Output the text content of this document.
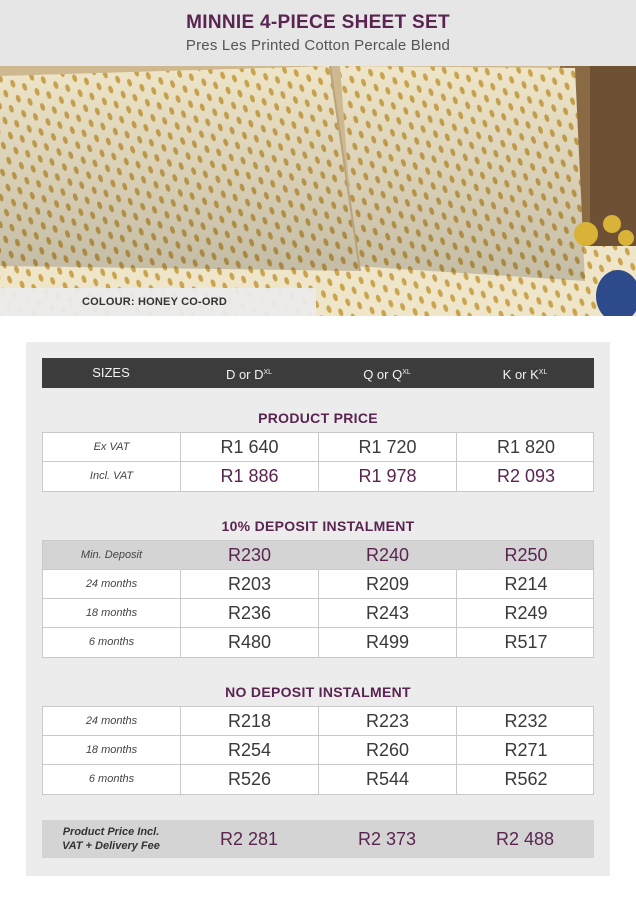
MINNIE 4-PIECE SHEET SET
Pres Les Printed Cotton Percale Blend
COLOUR: HONEY CO-ORD
SIZES	D or $D^{XL}$	Q or $Q^{XL}$	K or $K^{XL}$
PRODUCT PRICE
Ex VAT	R1 640	R1 720	R1 820
Incl. VAT	R1 886	R1 978	R2 093
10% DEPOSIT INSTALMENT
Min. Deposit	R230	R240	R250
24 months	R203	R209	R214
18 months	R236	R243	R249
6 months	R480	R499	R517
NO DEPOSIT INSTALMENT
24 months	R218	R223	R232
18 months	R254	R260	R271
6 months	R526	R544	R562
Product Price Incl.
VAT + Delivery Fee	R2 281	R2 373	R2 488
